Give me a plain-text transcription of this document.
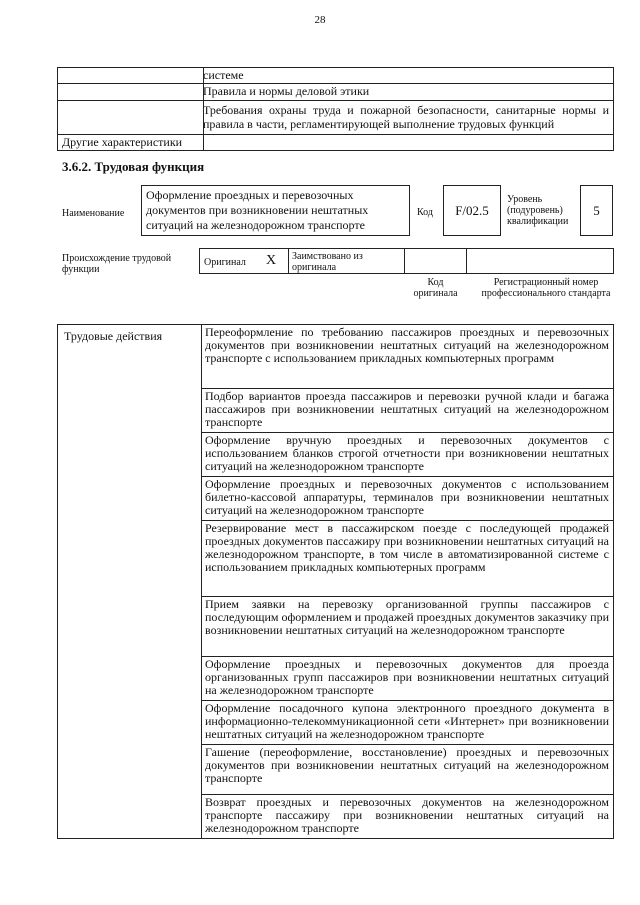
28
системе
Правила и нормы деловой этики
Требования охраны труда и пожарной безопасности, санитарные нормы и правила в части, регламентирующей выполнение трудовых функций
Другие характеристики
3.6.2. Трудовая функция
Наименование
Оформление проездных и перевозочных документов при возникновении нештатных ситуаций на железнодорожном транспорте
Код	F/02.5
Уровень (подуровень) квалификации
5
Происхождение трудовой функции
Оригинал X Заимствовано из оригинала
Код оригинала
Регистрационный номер профессионального стандарта
Трудовые действия	Переоформление по требованию пассажиров проездных и перевозочных документов при возникновении нештатных ситуаций на железнодорожном транспорте с использованием прикладных компьютерных программ
Подбор вариантов проезда пассажиров и перевозки ручной клади и багажа пассажиров при возникновении нештатных ситуаций на железнодорожном транспорте
Оформление вручную проездных и перевозочных документов с использованием бланков строгой отчетности при возникновении нештатных ситуаций на железнодорожном транспорте
Оформление проездных и перевозочных документов с использованием билетно-кассовой аппаратуры, терминалов при возникновении нештатных ситуаций на железнодорожном транспорте
Резервирование мест в пассажирском поезде с последующей продажей проездных документов пассажиру при возникновении нештатных ситуаций на железнодорожном транспорте, в том числе в автоматизированной системе с использованием прикладных компьютерных программ
Прием заявки на перевозку организованной группы пассажиров с последующим оформлением и продажей проездных документов заказчику при возникновении нештатных ситуаций на железнодорожном транспорте
Оформление проездных и перевозочных документов для проезда организованных групп пассажиров при возникновении нештатных ситуаций на железнодорожном транспорте
Оформление посадочного купона электронного проездного документа в информационно-телекоммуникационной сети «Интернет» при возникновении нештатных ситуаций на железнодорожном транспорте
Гашение (переоформление, восстановление) проездных и перевозочных документов при возникновении нештатных ситуаций на железнодорожном транспорте
Возврат проездных и перевозочных документов на железнодорожном транспорте пассажиру при возникновении нештатных ситуаций на железнодорожном транспорте
